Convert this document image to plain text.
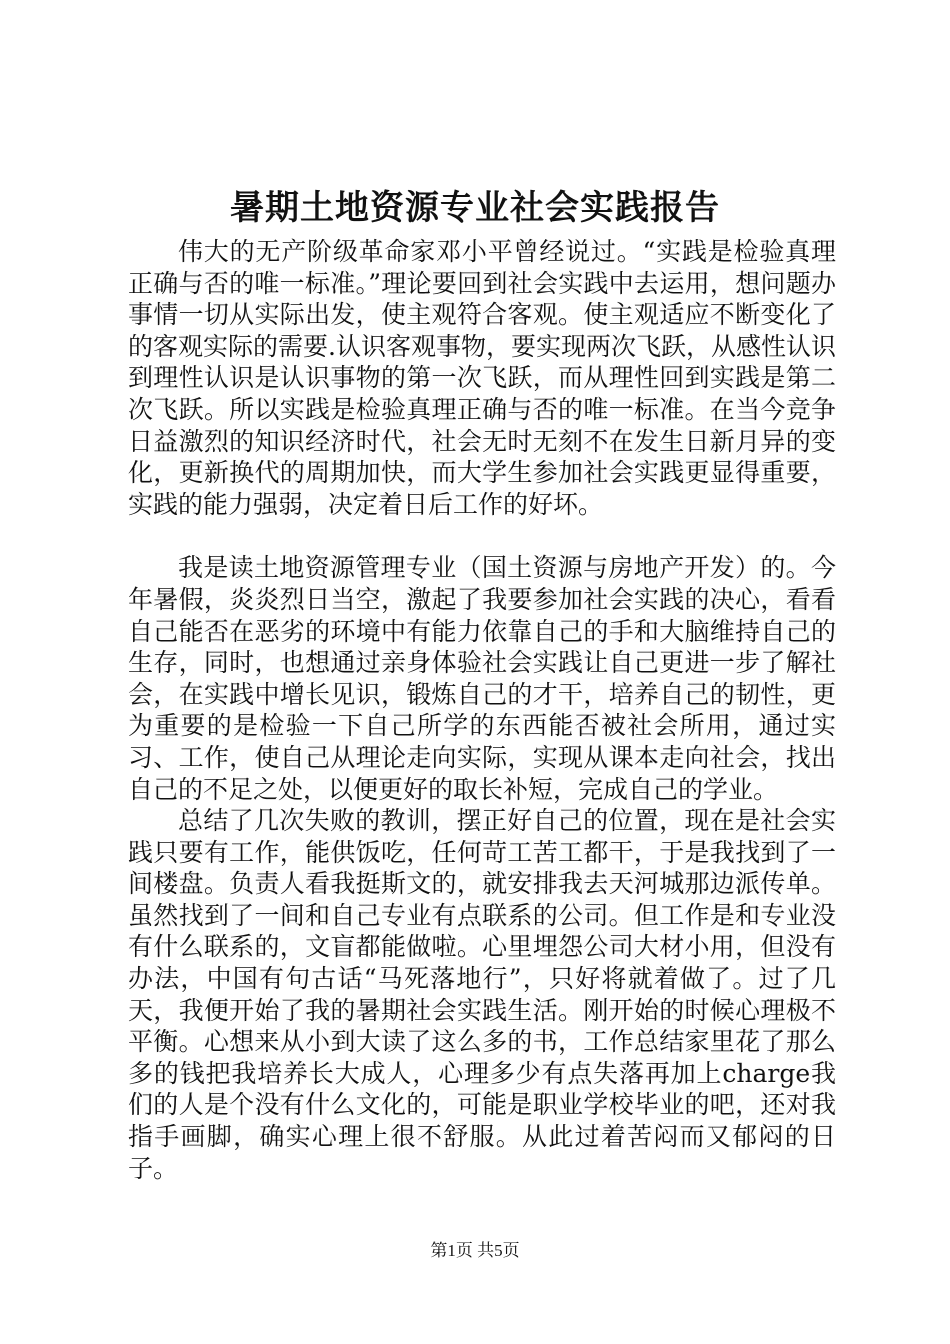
暑期土地资源专业社会实践报告

伟大的无产阶级革命家邓小平曾经说过。“实践是检验真理正确与否的唯一标准。”理论要回到社会实践中去运用，想问题办事情一切从实际出发，使主观符合客观。使主观适应不断变化了的客观实际的需要.认识客观事物，要实现两次飞跃，从感性认识到理性认识是认识事物的第一次飞跃，而从理性回到实践是第二次飞跃。所以实践是检验真理正确与否的唯一标准。在当今竞争日益激烈的知识经济时代，社会无时无刻不在发生日新月异的变化，更新换代的周期加快，而大学生参加社会实践更显得重要，实践的能力强弱，决定着日后工作的好坏。

我是读土地资源管理专业（国土资源与房地产开发）的。今年暑假，炎炎烈日当空，激起了我要参加社会实践的决心，看看自己能否在恶劣的环境中有能力依靠自己的手和大脑维持自己的生存，同时，也想通过亲身体验社会实践让自己更进一步了解社会，在实践中增长见识，锻炼自己的才干，培养自己的韧性，更为重要的是检验一下自己所学的东西能否被社会所用，通过实习、工作，使自己从理论走向实际，实现从课本走向社会，找出自己的不足之处，以便更好的取长补短，完成自己的学业。

总结了几次失败的教训，摆正好自己的位置，现在是社会实践只要有工作，能供饭吃，任何苛工苦工都干，于是我找到了一间楼盘。负责人看我挺斯文的，就安排我去天河城那边派传单。虽然找到了一间和自己专业有点联系的公司。但工作是和专业没有什么联系的，文盲都能做啦。心里埋怨公司大材小用，但没有办法，中国有句古话“马死落地行”，只好将就着做了。过了几天，我便开始了我的暑期社会实践生活。刚开始的时候心理极不平衡。心想来从小到大读了这么多的书，工作总结家里花了那么多的钱把我培养长大成人，心理多少有点失落再加上charge我们的人是个没有什么文化的，可能是职业学校毕业的吧，还对我指手画脚，确实心理上很不舒服。从此过着苦闷而又郁闷的日子。

第1页 共5页
